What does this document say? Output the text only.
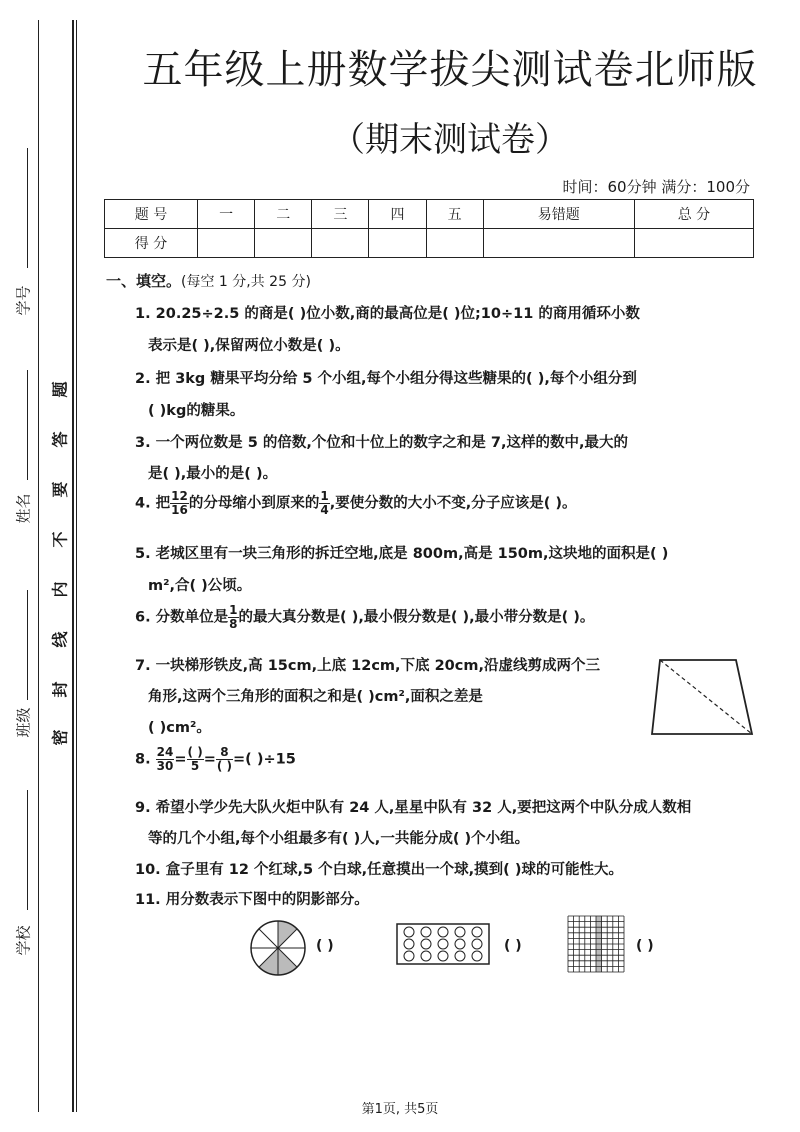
学号
姓名
班级
学校
题
答
要
不
内
线
封
密
五年级上册数学拔尖测试卷北师版
（期末测试卷）
时间：60分钟 满分：100分
题 号	一	二	三	四	五	易错题	总 分
得 分							
一、填空。(每空 1 分,共 25 分)
1. 20.25÷2.5 的商是( )位小数,商的最高位是( )位;10÷11 的商用循环小数
表示是( ),保留两位小数是( )。
2. 把 3kg 糖果平均分给 5 个小组,每个小组分得这些糖果的( ),每个小组分到
( )kg的糖果。
3. 一个两位数是 5 的倍数,个位和十位上的数字之和是 7,这样的数中,最大的
是( ),最小的是( )。
4. 把 $\frac{12}{16}$ 的分母缩小到原来的 $\frac{1}{4}$ ,要使分数的大小不变,分子应该是( )。
5. 老城区里有一块三角形的拆迁空地,底是 800m,高是 150m,这块地的面积是( )
m²,合( )公顷。
6. 分数单位是 $\frac{1}{8}$ 的最大真分数是( ),最小假分数是( ),最小带分数是( )。
7. 一块梯形铁皮,高 15cm,上底 12cm,下底 20cm,沿虚线剪成两个三
角形,这两个三角形的面积之和是( )cm²,面积之差是
( )cm²。
8. $\frac{24}{30} = \frac{( )}{5} = \frac{8}{( )}$ =( )÷15
9. 希望小学少先大队火炬中队有 24 人,星星中队有 32 人,要把这两个中队分成人数相
等的几个小组,每个小组最多有( )人,一共能分成( )个小组。
10. 盒子里有 12 个红球,5 个白球,任意摸出一个球,摸到( )球的可能性大。
11. 用分数表示下图中的阴影部分。
( )	( )	( )
第1页, 共5页
